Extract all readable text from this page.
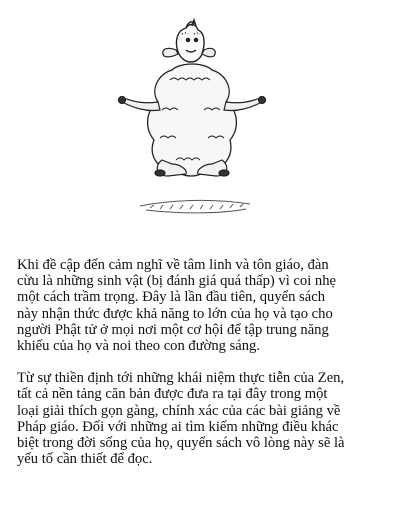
Khi đề cập đến cảm nghĩ về tâm linh và tôn giáo, đàn

cừu là những sinh vật (bị đánh giá quá thấp) vì coi nhẹ

một cách trầm trọng. Đây là lần đầu tiên, quyển sách

này nhận thức được khả năng to lớn của họ và tạo cho

người Phật tử ở mọi nơi một cơ hội để tập trung năng

khiếu của họ và noi theo con đường sáng.

Từ sự thiền định tới những khái niệm thực tiễn của Zen,

tất cả nền tảng căn bản được đưa ra tại đây trong một

loại giải thích gọn gàng, chính xác của các bài giảng về

Pháp giáo. Đối với những ai tìm kiếm những điều khác

biệt trong đời sống của họ, quyển sách vô lòng này sẽ là

yếu tố cần thiết để đọc.
